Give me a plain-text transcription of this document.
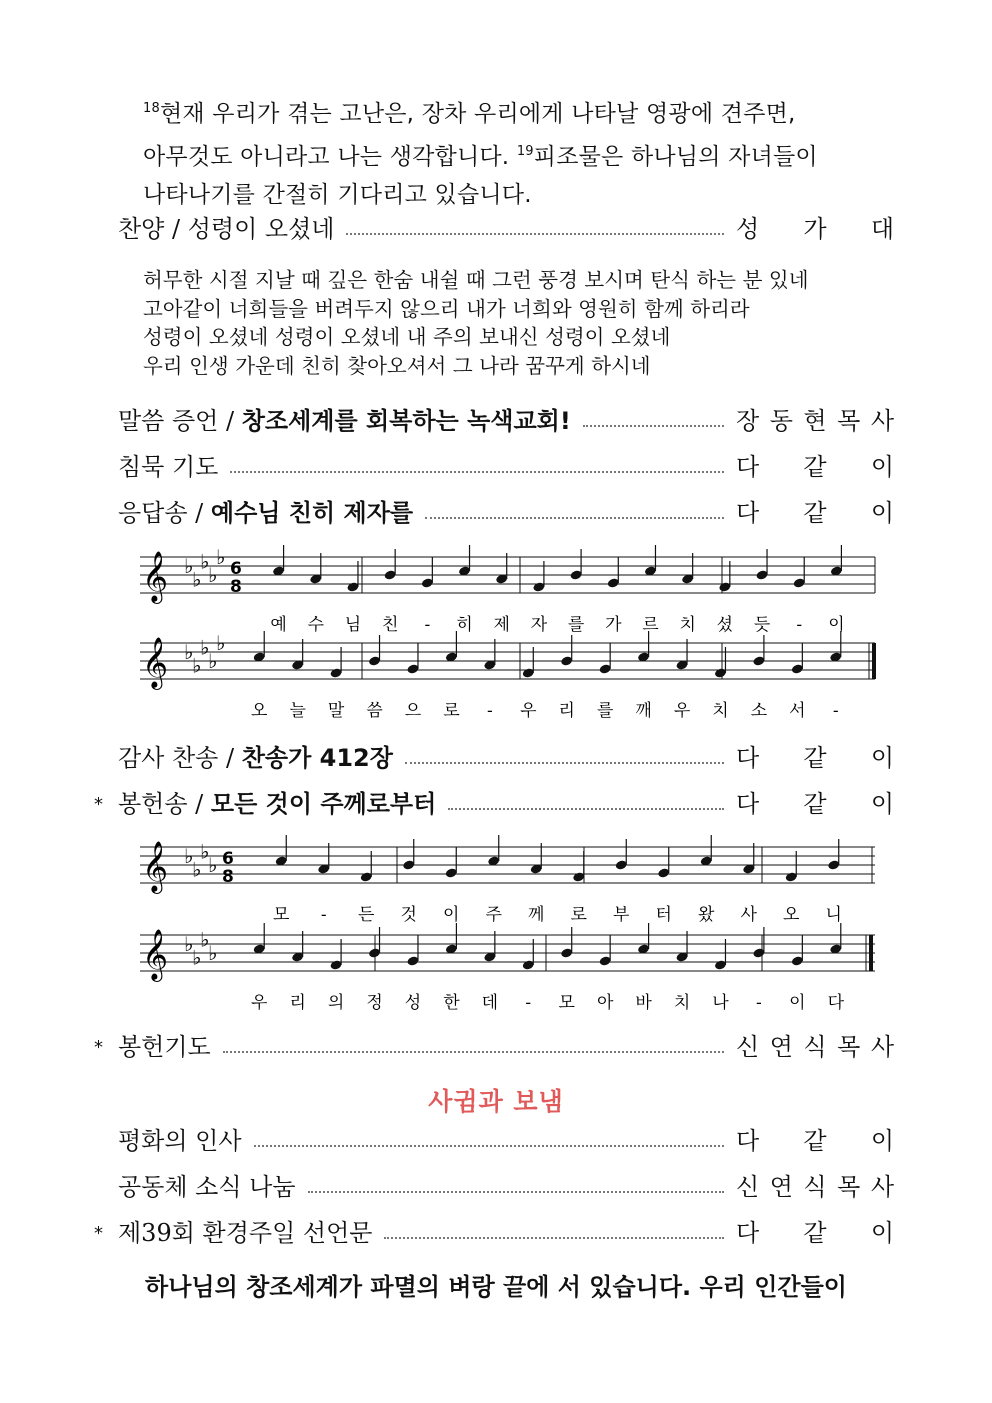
$^{18}$현재 우리가 겪는 고난은, 장차 우리에게 나타날 영광에 견주면,
아무것도 아니라고 나는 생각합니다. $^{19}$피조물은 하나님의 자녀들이
나타나기를 간절히 기다리고 있습니다.
찬양 / 성령이 오셨네	성 가 대
허무한 시절 지날 때 깊은 한숨 내쉴 때 그런 풍경 보시며 탄식 하는 분 있네
고아같이 너희들을 버려두지 않으리 내가 너희와 영원히 함께 하리라
성령이 오셨네 성령이 오셨네 내 주의 보내신 성령이 오셨네
우리 인생 가운데 친히 찾아오셔서 그 나라 꿈꾸게 하시네
말씀 증언 / 창조세계를 회복하는 녹색교회!	장 동 현 목 사
침묵 기도	다 같 이
응답송 / 예수님 친히 제자를	다 같 이
𝄞 ♭
♭
♭
♭
♭ 6
8
예 수 님 친 - 히 제 자 를 가 르 치 셨 듯 - 이
𝄞 ♭
♭
♭
♭
♭
오 늘 말 씀 으 로 - 우 리 를 깨 우 치 소 서 -
𝄞 ♭
♭
♭
♭ 6
8
모 - 든 것 이 주 께 로 부 터 왔 사 오 니
𝄞 ♭
♭
♭
♭
우 리 의 정 성 한 데 - 모 아 바 치 나 - 이 다
감사 찬송 / 찬송가 412장	다 같 이
* 봉헌송 / 모든 것이 주께로부터	다 같 이
* 봉헌기도	신 연 식 목 사
사귐과 보냄
평화의 인사	다 같 이
공동체 소식 나눔	신 연 식 목 사
* 제39회 환경주일 선언문	다 같 이
하나님의 창조세계가 파멸의 벼랑 끝에 서 있습니다. 우리 인간들이
